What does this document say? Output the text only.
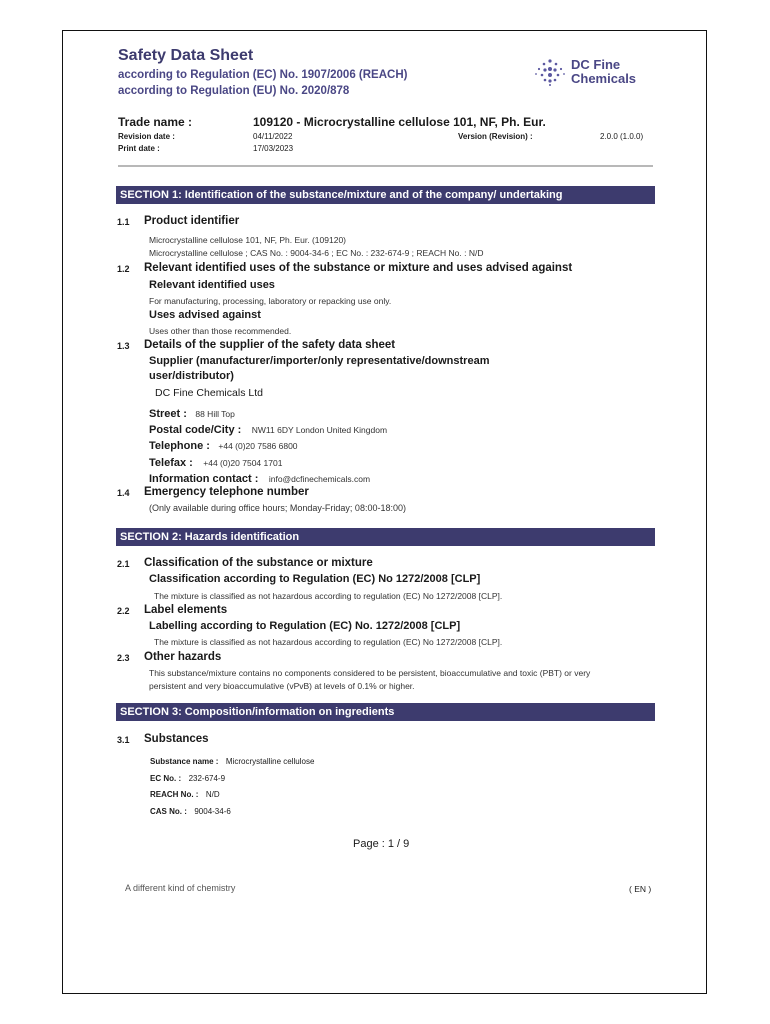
Safety Data Sheet
according to Regulation (EC) No. 1907/2006 (REACH)
according to Regulation (EU) No. 2020/878
DC Fine
Chemicals
Trade name :	109120 - Microcrystalline cellulose 101, NF, Ph. Eur.
Revision date :	04/11/2022
Print date :	17/03/2023
Version (Revision) :	2.0.0 (1.0.0)
SECTION 1: Identification of the substance/mixture and of the company/ undertaking
1.1 Product identifier
Microcrystalline cellulose 101, NF, Ph. Eur. (109120)
Microcrystalline cellulose ; CAS No. : 9004-34-6 ; EC No. : 232-674-9 ; REACH No. : N/D
1.2 Relevant identified uses of the substance or mixture and uses advised against
Relevant identified uses
For manufacturing, processing, laboratory or repacking use only.
Uses advised against
Uses other than those recommended.
1.3 Details of the supplier of the safety data sheet
Supplier (manufacturer/importer/only representative/downstream
user/distributor)
DC Fine Chemicals Ltd
Street : 88 Hill Top
Postal code/City : NW11 6DY London United Kingdom
Telephone : +44 (0)20 7586 6800
Telefax : +44 (0)20 7504 1701
Information contact : info@dcfinechemicals.com
1.4 Emergency telephone number
(Only available during office hours; Monday-Friday; 08:00-18:00)
SECTION 2: Hazards identification
2.1 Classification of the substance or mixture
Classification according to Regulation (EC) No 1272/2008 [CLP]
The mixture is classified as not hazardous according to regulation (EC) No 1272/2008 [CLP].
2.2 Label elements
Labelling according to Regulation (EC) No. 1272/2008 [CLP]
The mixture is classified as not hazardous according to regulation (EC) No 1272/2008 [CLP].
2.3 Other hazards
This substance/mixture contains no components considered to be persistent, bioaccumulative and toxic (PBT) or very
persistent and very bioaccumulative (vPvB) at levels of 0.1% or higher.
SECTION 3: Composition/information on ingredients
3.1 Substances
Substance name : Microcrystalline cellulose
EC No. : 232-674-9
REACH No. : N/D
CAS No. : 9004-34-6
Page : 1 / 9
A different kind of chemistry	( EN )
